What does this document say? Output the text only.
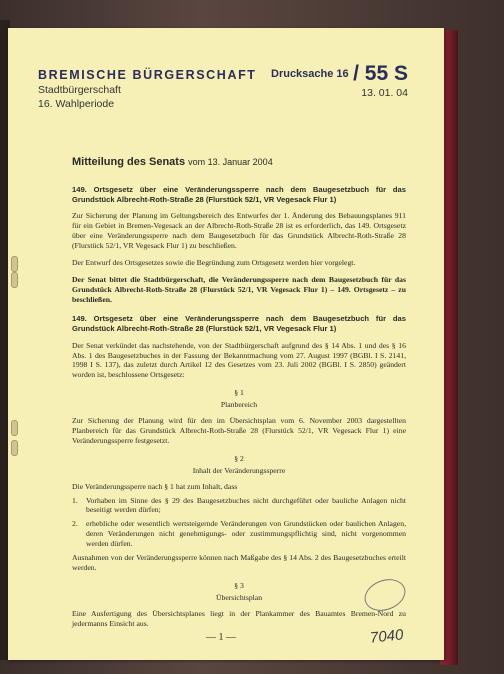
BREMISCHE BÜRGERSCHAFT
Stadtbürgerschaft
16. Wahlperiode
Drucksache 16 / 55 S
13. 01. 04
Mitteilung des Senats vom 13. Januar 2004

149. Ortsgesetz über eine Veränderungssperre nach dem Baugesetzbuch für das Grundstück Albrecht-Roth-Straße 28 (Flurstück 52/1, VR Vegesack Flur 1)

Zur Sicherung der Planung im Geltungsbereich des Entwurfes der 1. Änderung des Bebauungsplanes 911 für ein Gebiet in Bremen-Vegesack an der Albrecht-Roth-Straße 28 ist es erforderlich, das 149. Ortsgesetz über eine Veränderungssperre nach dem Baugesetzbuch für das Grundstück Albrecht-Roth-Straße 28 (Flurstück 52/1, VR Vegesack Flur 1) zu beschließen.

Der Entwurf des Ortsgesetzes sowie die Begründung zum Ortsgesetz werden hier vorgelegt.

Der Senat bittet die Stadtbürgerschaft, die Veränderungssperre nach dem Baugesetzbuch für das Grundstück Albrecht-Roth-Straße 28 (Flurstück 52/1, VR Vegesack Flur 1) – 149. Ortsgesetz – zu beschließen.

149. Ortsgesetz über eine Veränderungssperre nach dem Baugesetzbuch für das Grundstück Albrecht-Roth-Straße 28 (Flurstück 52/1, VR Vegesack Flur 1)

Der Senat verkündet das nachstehende, von der Stadtbürgerschaft aufgrund des § 14 Abs. 1 und des § 16 Abs. 1 des Baugesetzbuches in der Fassung der Bekanntmachung vom 27. August 1997 (BGBl. I S. 2141, 1998 I S. 137), das zuletzt durch Artikel 12 des Gesetzes vom 23. Juli 2002 (BGBl. I S. 2850) geändert worden ist, beschlossene Ortsgesetz:

§ 1
Planbereich

Zur Sicherung der Planung wird für den im Übersichtsplan vom 6. November 2003 dargestellten Planbereich für das Grundstück Albrecht-Roth-Straße 28 (Flurstück 52/1, VR Vegesack Flur 1) eine Veränderungssperre festgesetzt.

§ 2
Inhalt der Veränderungssperre

Die Veränderungssperre nach § 1 hat zum Inhalt, dass

1.	Vorhaben im Sinne des § 29 des Baugesetzbuches nicht durchgeführt oder bauliche Anlagen nicht beseitigt werden dürfen;
2.	erhebliche oder wesentlich wertsteigernde Veränderungen von Grundstücken oder baulichen Anlagen, deren Veränderungen nicht genehmigungs- oder zustimmungspflichtig sind, nicht vorgenommen werden dürfen.

Ausnahmen von der Veränderungssperre können nach Maßgabe des § 14 Abs. 2 des Baugesetzbuches erteilt werden.

§ 3
Übersichtsplan

Eine Ausfertigung des Übersichtsplanes liegt in der Plankammer des Bauamtes Bremen-Nord zu jedermanns Einsicht aus.

— 1 —	7040
